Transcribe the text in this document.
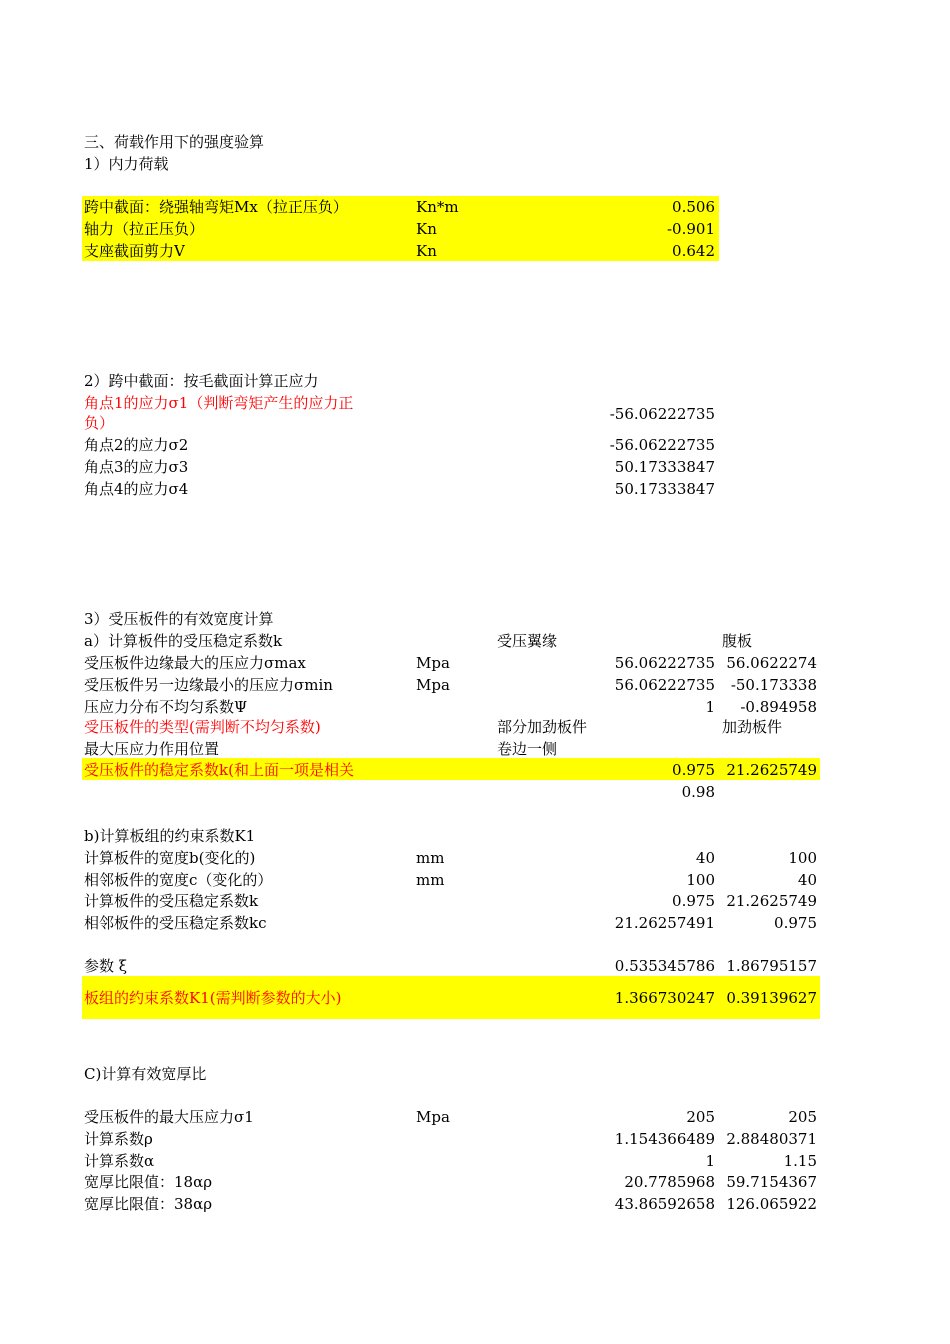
三、荷载作用下的强度验算
1）内力荷载
跨中截面：绕强轴弯矩Mx（拉正压负）	Kn*m	0.506
轴力（拉正压负）	Kn	-0.901
支座截面剪力V	Kn	0.642
2）跨中截面：按毛截面计算正应力
角点1的应力σ1（判断弯矩产生的应力正
负）	-56.06222735
角点2的应力σ2	-56.06222735
角点3的应力σ3	50.17333847
角点4的应力σ4	50.17333847
3）受压板件的有效宽度计算
a）计算板件的受压稳定系数k	受压翼缘	腹板
受压板件边缘最大的压应力σmax	Mpa	56.06222735 56.0622274
受压板件另一边缘最小的压应力σmin	Mpa	56.06222735	-50.173338
压应力分布不均匀系数Ψ	1	-0.894958
受压板件的类型(需判断不均匀系数)	部分加劲板件	加劲板件
最大压应力作用位置	卷边一侧
受压板件的稳定系数k(和上面一项是相关	0.975 21.2625749
0.98
b)计算板组的约束系数K1
计算板件的宽度b(变化的)	mm	40	100
相邻板件的宽度c（变化的）	mm	100	40
计算板件的受压稳定系数k	0.975 21.2625749
相邻板件的受压稳定系数kc	21.26257491	0.975
参数 ξ	0.535345786 1.86795157
板组的约束系数K1(需判断参数的大小)	1.366730247 0.39139627
C)计算有效宽厚比
受压板件的最大压应力σ1	Mpa	205	205
计算系数ρ	1.154366489 2.88480371
计算系数α	1	1.15
宽厚比限值：18αρ	20.7785968 59.7154367
宽厚比限值：38αρ	43.86592658 126.065922
